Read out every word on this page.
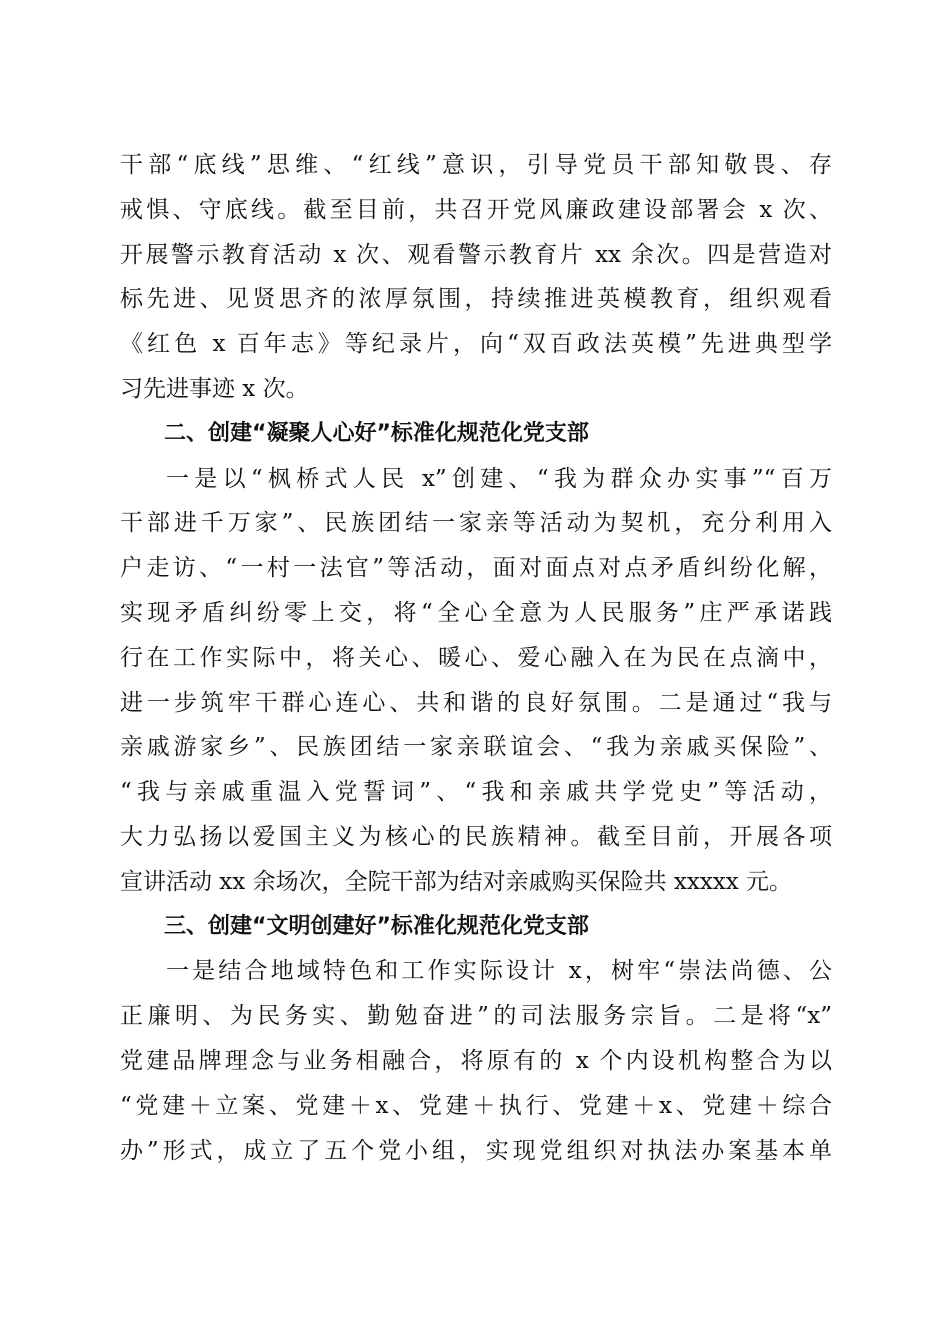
干部“底线”思维、“红线”意识，引导党员干部知敬畏、存
戒惧、守底线。截至目前，共召开党风廉政建设部署会 x 次、
开展警示教育活动 x 次、观看警示教育片 xx 余次。四是营造对
标先进、见贤思齐的浓厚氛围，持续推进英模教育，组织观看
《红色 x 百年志》等纪录片，向“双百政法英模”先进典型学
习先进事迹 x 次。
二、创建“凝聚人心好”标准化规范化党支部
一是以“枫桥式人民 x”创建、“我为群众办实事”“百万
干部进千万家”、民族团结一家亲等活动为契机，充分利用入
户走访、“一村一法官”等活动，面对面点对点矛盾纠纷化解，
实现矛盾纠纷零上交，将“全心全意为人民服务”庄严承诺践
行在工作实际中，将关心、暖心、爱心融入在为民在点滴中，
进一步筑牢干群心连心、共和谐的良好氛围。二是通过“我与
亲戚游家乡”、民族团结一家亲联谊会、“我为亲戚买保险”、
“我与亲戚重温入党誓词”、“我和亲戚共学党史”等活动，
大力弘扬以爱国主义为核心的民族精神。截至目前，开展各项
宣讲活动 xx 余场次，全院干部为结对亲戚购买保险共 xxxxx 元。
三、创建“文明创建好”标准化规范化党支部
一是结合地域特色和工作实际设计 x，树牢“崇法尚德、公
正廉明、为民务实、勤勉奋进”的司法服务宗旨。二是将“x”
党建品牌理念与业务相融合，将原有的 x 个内设机构整合为以
“党建＋立案、党建＋x、党建＋执行、党建＋x、党建＋综合
办”形式，成立了五个党小组，实现党组织对执法办案基本单
